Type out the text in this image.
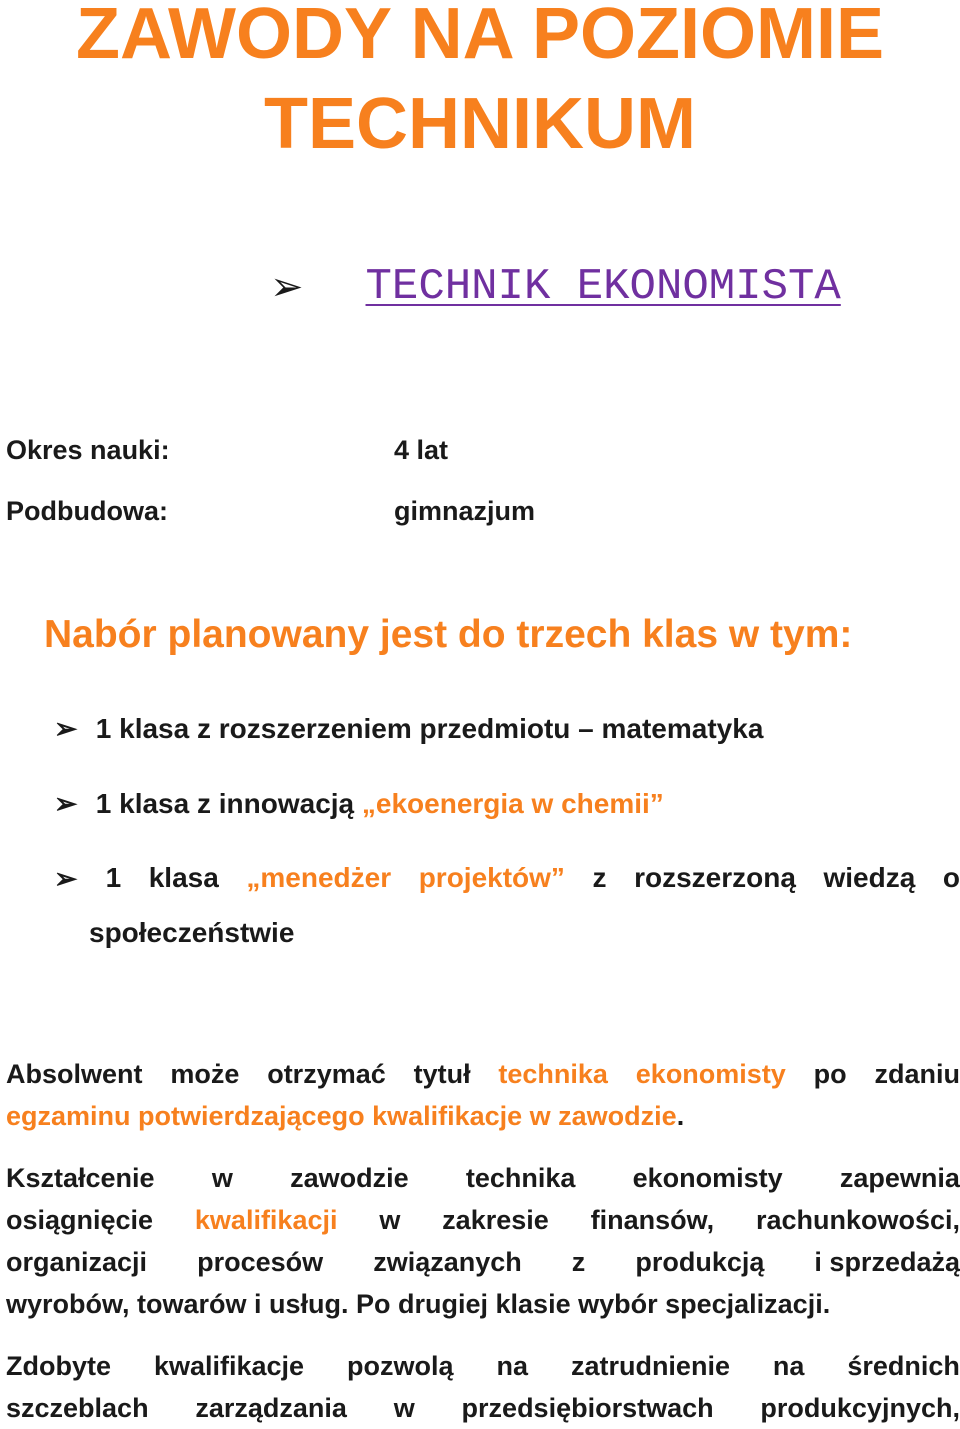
ZAWODY NA POZIOMIE
TECHNIKUM
➢ TECHNIK EKONOMISTA
Okres nauki:	4 lat
Podbudowa:	gimnazjum
Nabór planowany jest do trzech klas w tym:
➢ 1 klasa z rozszerzeniem przedmiotu – matematyka
➢ 1 klasa z innowacją „ekoenergia w chemii”
➢ 1 klasa „menedżer projektów” z rozszerzoną wiedzą o
społeczeństwie
Absolwent może otrzymać tytuł technika ekonomisty po zdaniu
egzaminu potwierdzającego kwalifikacje w zawodzie.
Kształcenie w zawodzie technika ekonomisty zapewnia
osiągnięcie kwalifikacji w zakresie finansów, rachunkowości,
organizacji procesów związanych z produkcją i sprzedażą
wyrobów, towarów i usług. Po drugiej klasie wybór specjalizacji.
Zdobyte kwalifikacje pozwolą na zatrudnienie na średnich
szczeblach zarządzania w przedsiębiorstwach produkcyjnych,
